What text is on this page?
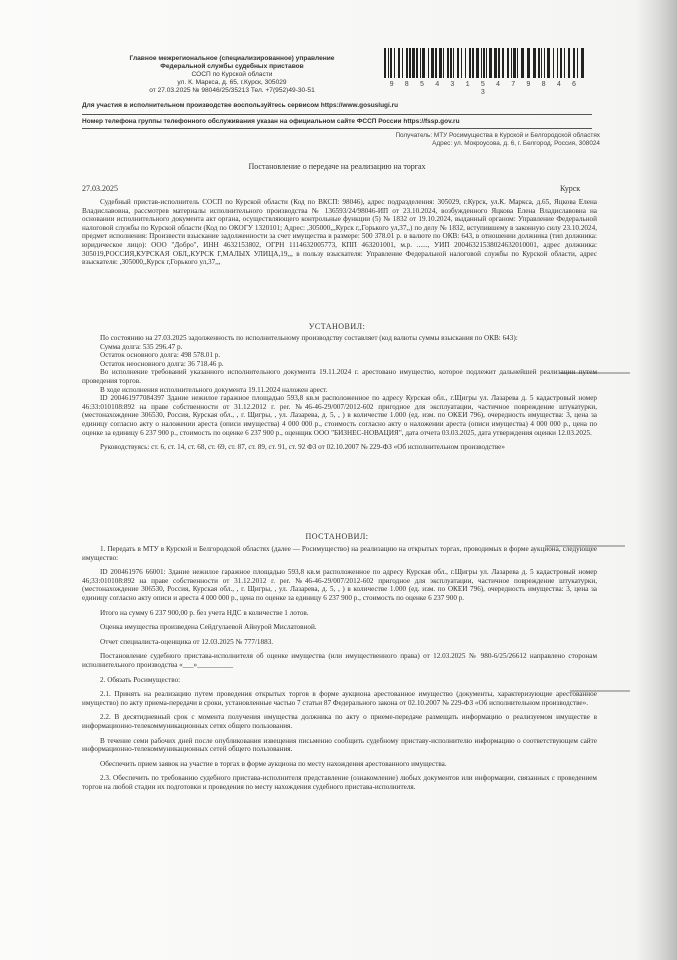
Главное межрегиональное (специализированное) управление
Федеральной службы судебных приставов
СОСП по Курской области
ул. К. Маркса, д. 65, г.Курск, 305029
от 27.03.2025 № 98046/25/35213 Тел. +7(952)49-30-51
9 8 5 4 3 1 5 4 7 9 8 4 6 3
Для участия в исполнительном производстве воспользуйтесь сервисом https://www.gosuslugi.ru
Номер телефона группы телефонного обслуживания указан на официальном сайте ФССП России https://fssp.gov.ru
Получатель: МТУ Росимущества в Курской и Белгородской областях
Адрес: ул. Мокроусова, д. 6, г. Белгород, Россия, 308024
Постановление о передаче на реализацию на торгах
27.03.2025	Курск

Судебный пристав-исполнитель СОСП по Курской области (Код по ВКСП: 98046), адрес подразделения: 305029, г.Курск, ул.К. Маркса, д.65, Яцкова Елена Владиславовна, рассмотрев материалы исполнительного производства № 136593/24/98046-ИП от 23.10.2024, возбужденного Яцкова Елена Владиславовна на основании исполнительного документа акт органа, осуществляющего контрольные функции (5) № 1832 от 19.10.2024, выданный органом: Управление Федеральной налоговой службы по Курской области (Код по ОКОГУ 1320101; Адрес: ,305000,,,Курск г,,Горького ул,37,,) по делу № 1832, вступившему в законную силу 23.10.2024, предмет исполнения: Произвести взыскание задолженности за счет имущества в размере: 500 378.01 р. в валюте по ОКВ: 643, в отношении должника (тип должника: юридическое лицо): ООО "Добро", ИНН 4632153802, ОГРН 1114632005773, КПП 463201001, м.р. ......, УИП 20046321538024632010001, адрес должника: 305019,РОССИЯ,КУРСКАЯ ОБЛ,,КУРСК Г,МАЛЫХ УЛИЦА,19,,, в пользу взыскателя: Управление Федеральной налоговой службы по Курской области, адрес взыскателя: ,305000,,Курск г,Горького ул,37,,,

УСТАНОВИЛ:

По состоянию на 27.03.2025 задолженность по исполнительному производству составляет (код валюты суммы взыскания по ОКВ: 643):

Сумма долга: 535 296.47 р.

Остаток основного долга: 498 578.01 р.

Остаток неосновного долга: 36 718.46 р.

Во исполнение требований указанного исполнительного документа 19.11.2024 г. арестовано имущество, которое подлежит дальнейшей реализации путем проведения торгов.

В ходе исполнения исполнительного документа 19.11.2024 наложен арест.

ID 200461977084397 Здание нежилое гаражное площадью 593,8 кв.м расположенное по адресу Курская обл., г.Щигры ул. Лазарева д. 5 кадастровый номер 46:33:010108:892 на праве собственности от 31.12.2012 г. per. №46-46-29/007/2012-602 пригодное для эксплуатации, частичное повреждение штукатурки, (местонахождение 306530, Россия, Курская обл., , г. Щигры, , ул. Лазарева, д. 5, , ) в количестве 1.000 (ед. изм. по ОКЕИ 796), очередность имущества: 3, цена за единицу согласно акту о наложении ареста (описи имущества) 4 000 000 р., стоимость согласно акту о наложении ареста (описи имущества) 4 000 000 р., цена по оценке за единицу 6 237 900 р., стоимость по оценке 6 237 900 р., оценщик ООО "БИЗНЕС-НОВАЦИЯ", дата отчета 03.03.2025, дата утверждения оценки 12.03.2025.

Руководствуясь: ст. 6, ст. 14, ст. 68, ст. 69, ст. 87, ст. 89, ст. 91, ст. 92 ФЗ от 02.10.2007 № 229-ФЗ «Об исполнительном производстве»

ПОСТАНОВИЛ:

1. Передать в МТУ в Курской и Белгородской областях (далее — Росимущество) на реализацию на открытых торгах, проводимых в форме аукциона, следующее имущество:

ID 200461976 66001: Здание нежилое гаражное площадью 593,8 кв.м расположенное по адресу Курская обл., г.Щигры ул. Лазарева д. 5 кадастровый номер 46;33:010108:892 на праве собственности от 31.12.2012 г. per. №46-46-29/007/2012-602 пригодное для эксплуатации, частичное повреждение штукатурки, (местонахождение 306530, Россия, Курская обл., , г. Щигры, , ул. Лазарева, д. 5, , ) в количестве 1.000 (ед. изм. по ОКЕИ 796), очередность имущества: 3, цена за единицу согласно акту описи и ареста 4 000 000 р., цена по оценке за единицу 6 237 900 р., стоимость по оценке 6 237 900 р.

Итого на сумму 6 237 900,00 р. без учета НДС в количестве 1 лотов.

Оценка имущества произведена Сейдгулаевой Айнурой Мислатовной.

Отчет специалиста-оценщика от 12.03.2025 № 777/1883.

Постановление судебного пристава-исполнителя об оценке имущества (или имущественного права) от 12.03.2025 № 980-6/25/26612 направлено сторонам исполнительного производства «___»__________

2. Обязать Росимущество:

2.1. Принять на реализацию путем проведения открытых торгов в форме аукциона арестованное имущество (документы, характеризующие арестованное имущество) по акту приема-передачи в сроки, установленные частью 7 статьи 87 Федерального закона от 02.10.2007 № 229-ФЗ «Об исполнительном производстве».

2.2. В десятидневный срок с момента получения имущества должника по акту о приеме-передаче размещать информацию о реализуемом имуществе в информационно-телекоммуникационных сетях общего пользования.

В течение семи рабочих дней после опубликования извещения письменно сообщить судебному приставу-исполнителю информацию о соответствующем сайте информационно-телекоммуникационных сетей общего пользования.

Обеспечить прием заявок на участие в торгах в форме аукциона по месту нахождения арестованного имущества.

2.3. Обеспечить по требованию судебного пристава-исполнителя представление (ознакомление) любых документов или информации, связанных с проведением торгов на любой стадии их подготовки и проведения по месту нахождения судебного пристава-исполнителя.
